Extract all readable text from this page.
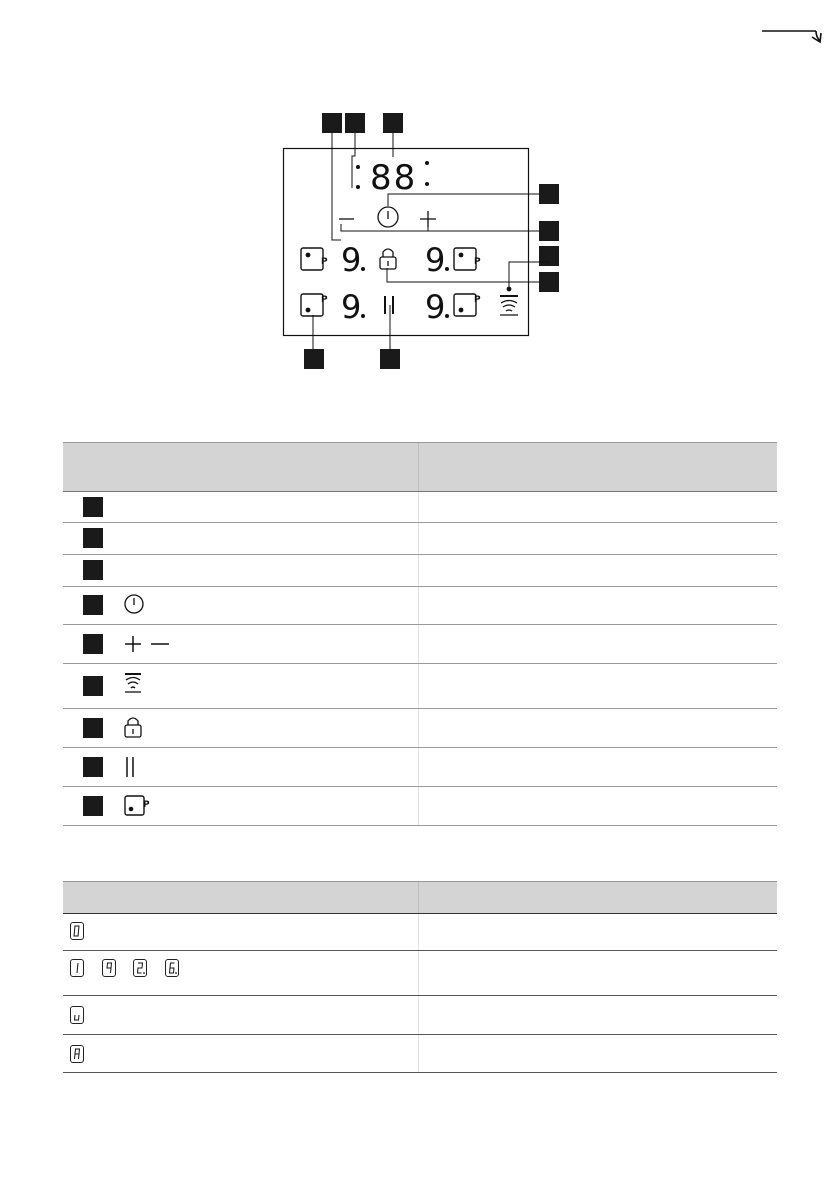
88
P 9 9	P
P 9 9	P
P
